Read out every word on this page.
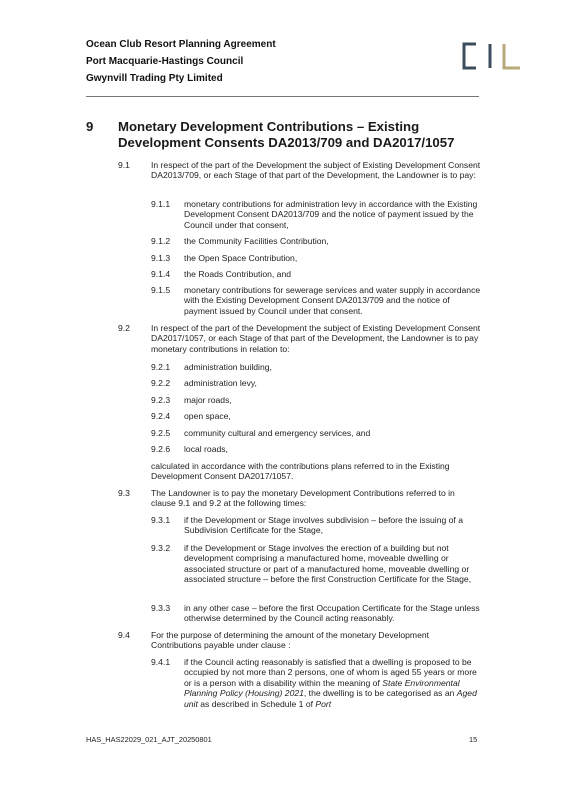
Ocean Club Resort Planning Agreement
Port Macquarie-Hastings Council
Gwynvill Trading Pty Limited
9 Monetary Development Contributions – Existing Development Consents DA2013/709 and DA2017/1057
9.1 In respect of the part of the Development the subject of Existing Development Consent DA2013/709, or each Stage of that part of the Development, the Landowner is to pay:
9.1.1 monetary contributions for administration levy in accordance with the Existing Development Consent DA2013/709 and the notice of payment issued by the Council under that consent,
9.1.2 the Community Facilities Contribution,
9.1.3 the Open Space Contribution,
9.1.4 the Roads Contribution, and
9.1.5 monetary contributions for sewerage services and water supply in accordance with the Existing Development Consent DA2013/709 and the notice of payment issued by Council under that consent.
9.2 In respect of the part of the Development the subject of Existing Development Consent DA2017/1057, or each Stage of that part of the Development, the Landowner is to pay monetary contributions in relation to:
9.2.1 administration building,
9.2.2 administration levy,
9.2.3 major roads,
9.2.4 open space,
9.2.5 community cultural and emergency services, and
9.2.6 local roads,
calculated in accordance with the contributions plans referred to in the Existing Development Consent DA2017/1057.
9.3 The Landowner is to pay the monetary Development Contributions referred to in clause 9.1 and 9.2 at the following times:
9.3.1 if the Development or Stage involves subdivision – before the issuing of a Subdivision Certificate for the Stage,
9.3.2 if the Development or Stage involves the erection of a building but not development comprising a manufactured home, moveable dwelling or associated structure or part of a manufactured home, moveable dwelling or associated structure – before the first Construction Certificate for the Stage,
9.3.3 in any other case – before the first Occupation Certificate for the Stage unless otherwise determined by the Council acting reasonably.
9.4 For the purpose of determining the amount of the monetary Development Contributions payable under clause :
9.4.1 if the Council acting reasonably is satisfied that a dwelling is proposed to be occupied by not more than 2 persons, one of whom is aged 55 years or more or is a person with a disability within the meaning of State Environmental Planning Policy (Housing) 2021, the dwelling is to be categorised as an Aged unit as described in Schedule 1 of Port
HAS_HAS22029_021_AJT_20250801	15
